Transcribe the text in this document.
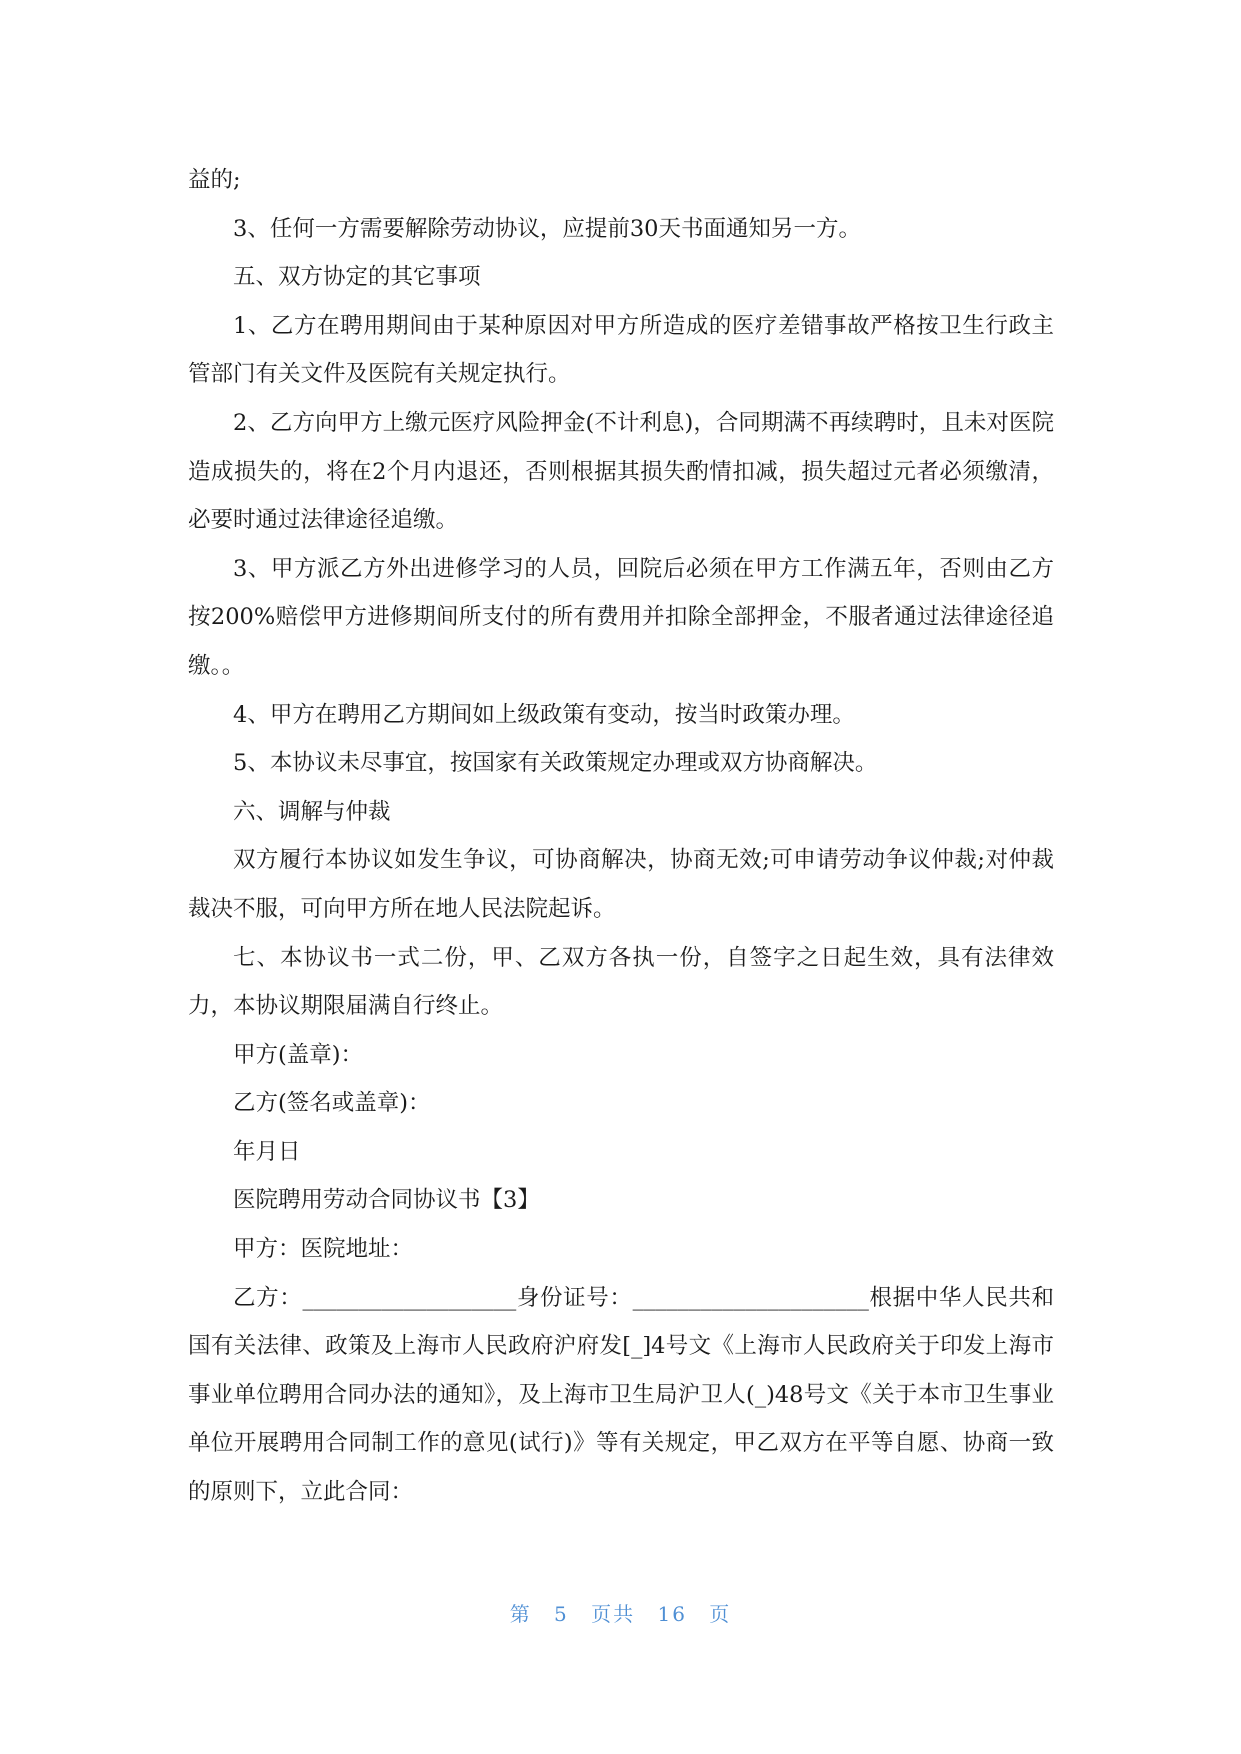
益的;

3、任何一方需要解除劳动协议，应提前30天书面通知另一方。

五、双方协定的其它事项

1、乙方在聘用期间由于某种原因对甲方所造成的医疗差错事故严格按卫生行政主管部门有关文件及医院有关规定执行。

2、乙方向甲方上缴元医疗风险押金(不计利息)，合同期满不再续聘时，且未对医院造成损失的，将在2个月内退还，否则根据其损失酌情扣减，损失超过元者必须缴清，必要时通过法律途径追缴。

3、甲方派乙方外出进修学习的人员，回院后必须在甲方工作满五年，否则由乙方按200%赔偿甲方进修期间所支付的所有费用并扣除全部押金，不服者通过法律途径追缴。。

4、甲方在聘用乙方期间如上级政策有变动，按当时政策办理。

5、本协议未尽事宜，按国家有关政策规定办理或双方协商解决。

六、调解与仲裁

双方履行本协议如发生争议，可协商解决，协商无效;可申请劳动争议仲裁;对仲裁裁决不服，可向甲方所在地人民法院起诉。

七、本协议书一式二份，甲、乙双方各执一份，自签字之日起生效，具有法律效力，本协议期限届满自行终止。

甲方(盖章)：

乙方(签名或盖章)：

年月日

医院聘用劳动合同协议书【3】

甲方：医院地址：

乙方：___________________身份证号：_____________________根据中华人民共和国有关法律、政策及上海市人民政府沪府发[_]4号文《上海市人民政府关于印发上海市事业单位聘用合同办法的通知》，及上海市卫生局沪卫人(_)48号文《关于本市卫生事业单位开展聘用合同制工作的意见(试行)》等有关规定，甲乙双方在平等自愿、协商一致的原则下，立此合同：

第 5 页共 16 页
